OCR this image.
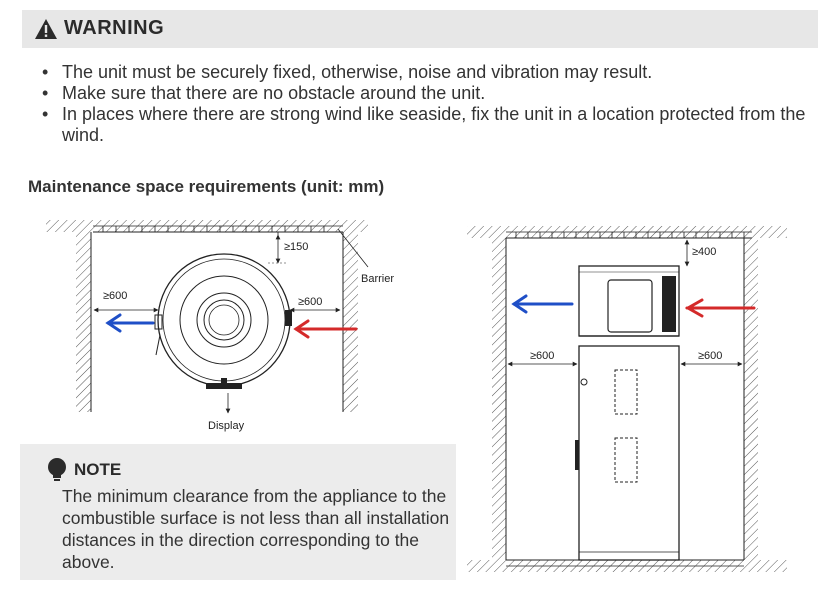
WARNING
• The unit must be securely fixed, otherwise, noise and vibration may result.
• Make sure that there are no obstacle around the unit.
• In places where there are strong wind like seaside, fix the unit in a location protected from the wind.
Maintenance space requirements (unit: mm)
≥150
Barrier
≥600	≥600
Display
≥400
≥600	≥600
NOTE
The minimum clearance from the appliance to the combustible surface is not less than all installation distances in the direction corresponding to the above.
